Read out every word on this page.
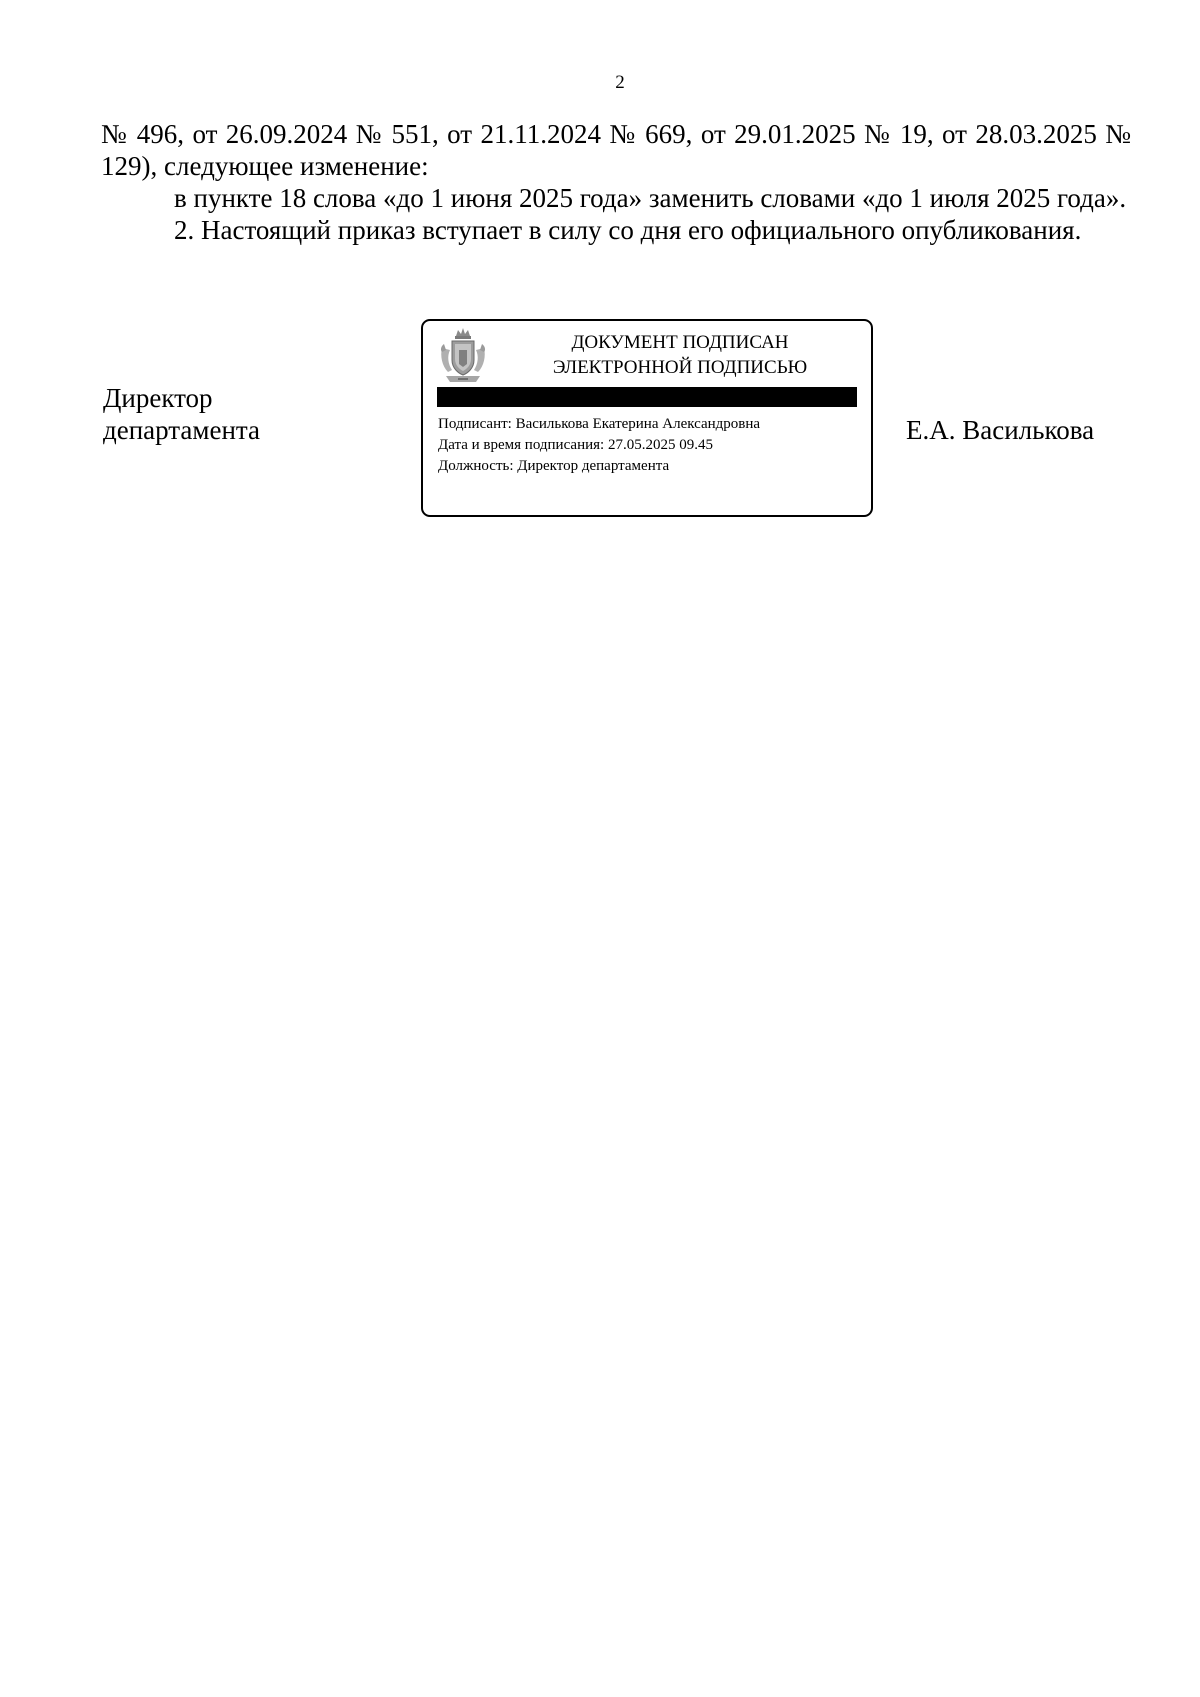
2

№ 496, от 26.09.2024 № 551, от 21.11.2024 № 669, от 29.01.2025 № 19, от 28.03.2025 № 129), следующее изменение:

в пункте 18 слова «до 1 июня 2025 года» заменить словами «до 1 июля 2025 года».

2. Настоящий приказ вступает в силу со дня его официального опубликования.

Директор
департамента
ДОКУМЕНТ ПОДПИСАН
ЭЛЕКТРОННОЙ ПОДПИСЬЮ
Подписант: Василькова Екатерина Александровна
Дата и время подписания: 27.05.2025 09.45
Должность: Директор департамента
Е.А. Василькова
